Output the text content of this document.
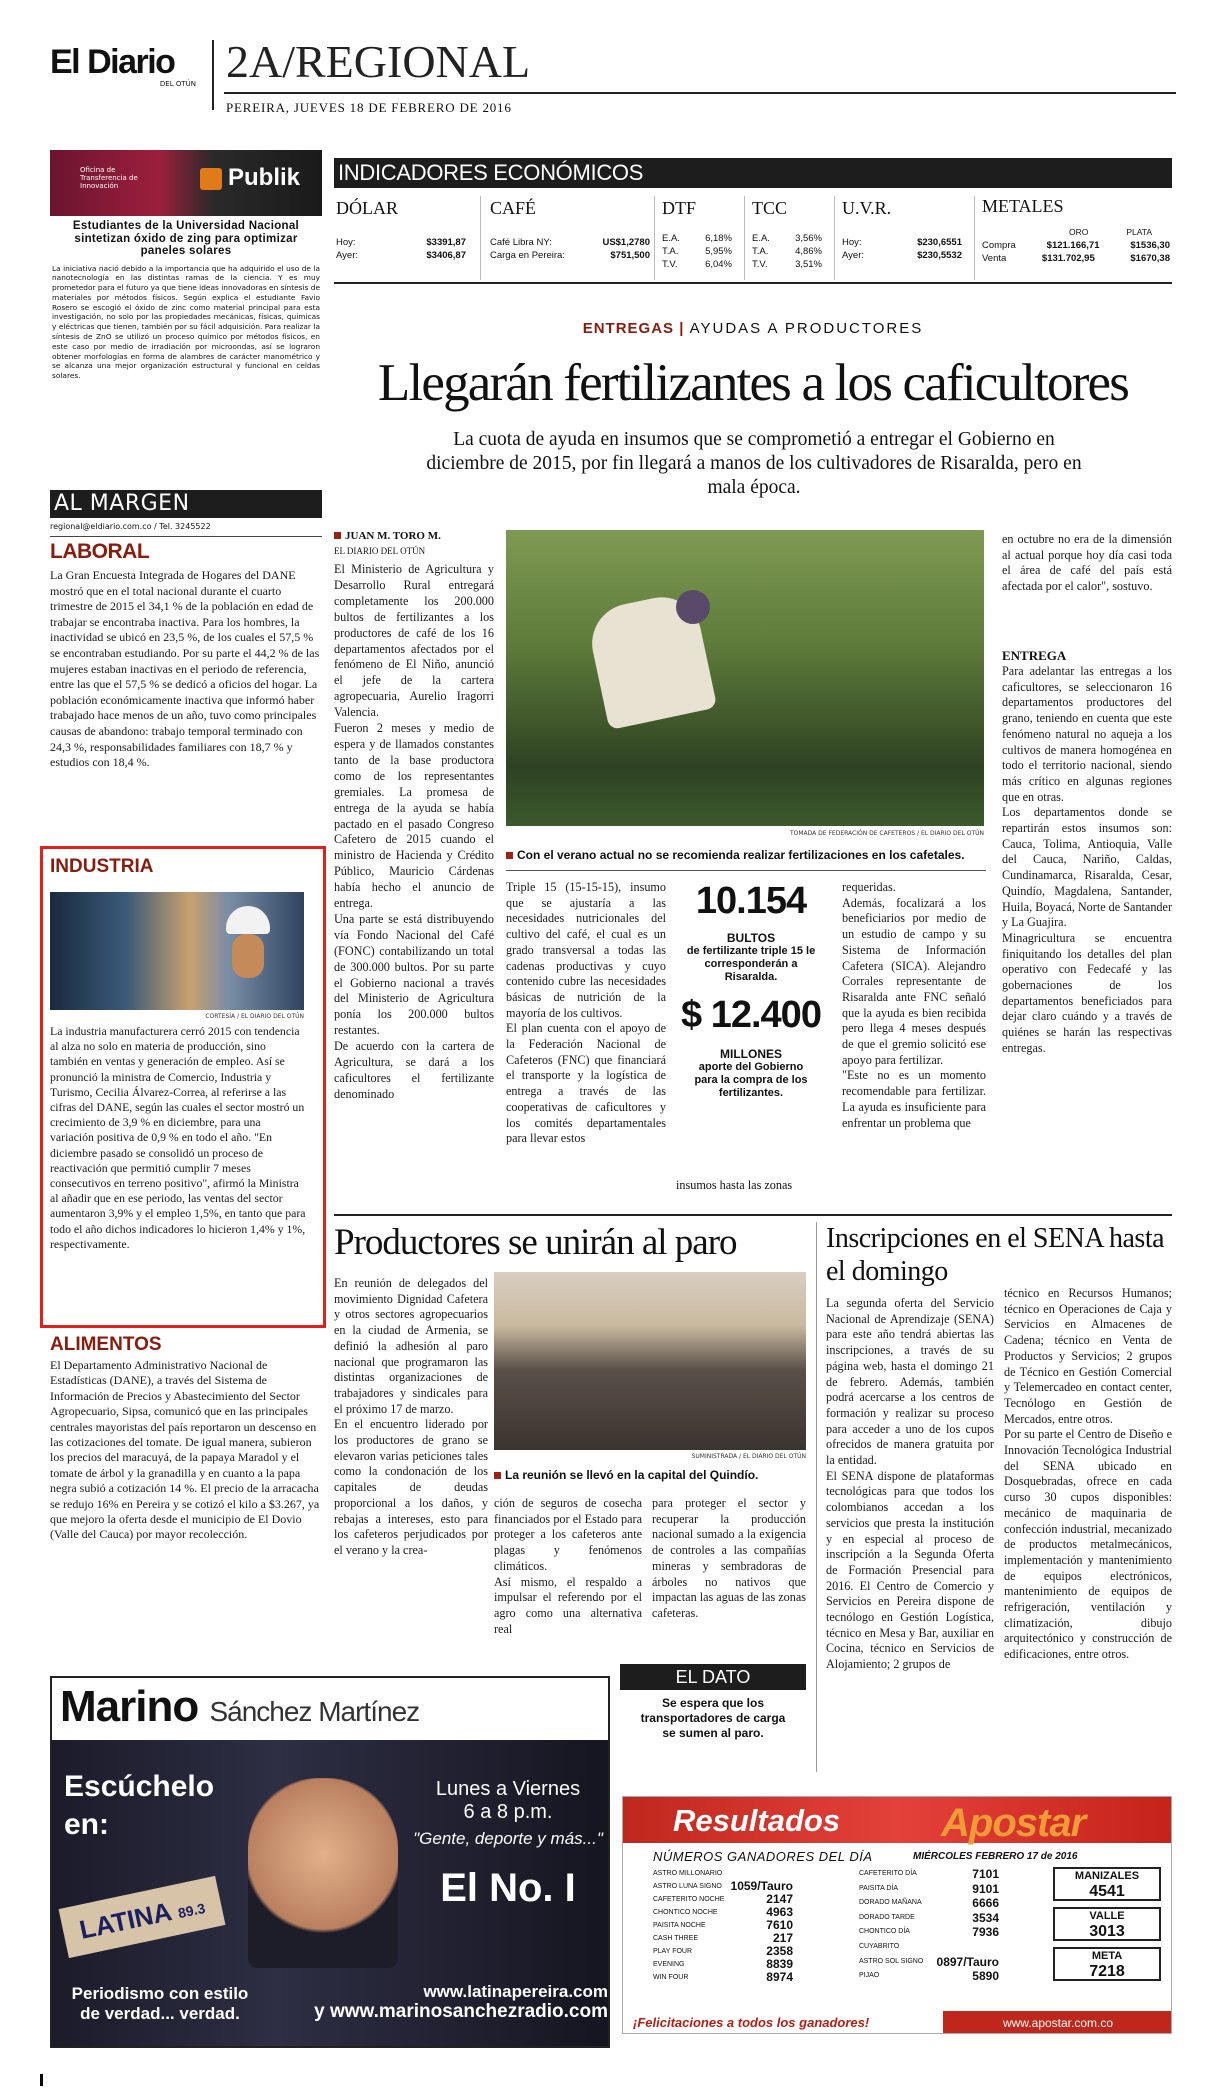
El Diario
DEL OTÚN 2A/REGIONAL
PEREIRA, JUEVES 18 DE FEBRERO DE 2016
Oficina de
Transferencia de
Innovación	Publik
Estudiantes de la Universidad Nacional sintetizan óxido de zing para optimizar paneles solares
La iniciativa nació debido a la importancia que ha adquirido el uso de la nanotecnología en las distintas ramas de la ciencia. Y es muy prometedor para el futuro ya que tiene ideas innovadoras en síntesis de materiales por métodos físicos. Según explica el estudiante Favio Rosero se escogió el óxido de zinc como material principal para esta investigación, no solo por las propiedades mecánicas, físicas, químicas y eléctricas que tienen, también por su fácil adquisición. Para realizar la síntesis de ZnO se utilizó un proceso químico por métodos físicos, en este caso por medio de irradiación por microondas, así se lograron obtener morfologías en forma de alambres de carácter manométrico y se alcanza una mejor organización estructural y funcional en celdas solares.
AL MARGEN
regional@eldiario.com.co / Tel. 3245522
LABORAL
La Gran Encuesta Integrada de Hogares del DANE mostró que en el total nacional durante el cuarto trimestre de 2015 el 34,1 % de la población en edad de trabajar se encontraba inactiva. Para los hombres, la inactividad se ubicó en 23,5 %, de los cuales el 57,5 % se encontraban estudiando. Por su parte el 44,2 % de las mujeres estaban inactivas en el periodo de referencia, entre las que el 57,5 % se dedicó a oficios del hogar. La población económicamente inactiva que informó haber trabajado hace menos de un año, tuvo como principales causas de abandono: trabajo temporal terminado con 24,3 %, responsabilidades familiares con 18,7 % y estudios con 18,4 %.
INDUSTRIA
CORTESÍA / EL DIARIO DEL OTÚN
La industria manufacturera cerró 2015 con tendencia al alza no solo en materia de producción, sino también en ventas y generación de empleo. Así se pronunció la ministra de Comercio, Industria y Turismo, Cecilia Álvarez-Correa, al referirse a las cifras del DANE, según las cuales el sector mostró un crecimiento de 3,9 % en diciembre, para una variación positiva de 0,9 % en todo el año. "En diciembre pasado se consolidó un proceso de reactivación que permitió cumplir 7 meses consecutivos en terreno positivo", afirmó la Ministra al añadir que en ese periodo, las ventas del sector aumentaron 3,9% y el empleo 1,5%, en tanto que para todo el año dichos indicadores lo hicieron 1,4% y 1%, respectivamente.
ALIMENTOS
El Departamento Administrativo Nacional de Estadísticas (DANE), a través del Sistema de Información de Precios y Abastecimiento del Sector Agropecuario, Sipsa, comunicó que en las principales centrales mayoristas del país reportaron un descenso en las cotizaciones del tomate. De igual manera, subieron los precios del maracuyá, de la papaya Maradol y el tomate de árbol y la granadilla y en cuanto a la papa negra subió a cotización 14 %. El precio de la arracacha se redujo 16% en Pereira y se cotizó el kilo a $3.267, ya que mejoro la oferta desde el municipio de El Dovio (Valle del Cauca) por mayor recolección.
INDICADORES ECONÓMICOS
DÓLAR
Hoy:	$3391,87
Ayer:	$3406,87
CAFÉ
Café Libra NY:	US$1,2780
Carga en Pereira:	$751,500
DTF
E.A.	6,18%
T.A.	5,95%
T.V.	6,04%
TCC
E.A.	3,56%
T.A.	4,86%
T.V.	3,51%
U.V.R.
Hoy:	$230,6551
Ayer:	$230,5532
METALES
ORO	PLATA
Compra	$121.166,71	$1536,30
Venta	$131.702,95	$1670,38
ENTREGAS | AYUDAS A PRODUCTORES
Llegarán fertilizantes a los caficultores
La cuota de ayuda en insumos que se comprometió a entregar el Gobierno en diciembre de 2015, por fin llegará a manos de los cultivadores de Risaralda, pero en mala época.
JUAN M. TORO M.
EL DIARIO DEL OTÚN
El Ministerio de Agricultura y Desarrollo Rural entregará completamente los 200.000 bultos de fertilizantes a los productores de café de los 16 departamentos afectados por el fenómeno de El Niño, anunció el jefe de la cartera agropecuaria, Aurelio Iragorri Valencia.
Fueron 2 meses y medio de espera y de llamados constantes tanto de la base productora como de los representantes gremiales. La promesa de entrega de la ayuda se había pactado en el pasado Congreso Cafetero de 2015 cuando el ministro de Hacienda y Crédito Público, Mauricio Cárdenas había hecho el anuncio de entrega.
Una parte se está distribuyendo vía Fondo Nacional del Café (FONC) contabilizando un total de 300.000 bultos. Por su parte el Gobierno nacional a través del Ministerio de Agricultura ponía los 200.000 bultos restantes.
De acuerdo con la cartera de Agricultura, se dará a los caficultores el fertilizante denominado
TOMADA DE FEDERACIÓN DE CAFETEROS / EL DIARIO DEL OTÚN
Con el verano actual no se recomienda realizar fertilizaciones en los cafetales.
Triple 15 (15-15-15), insumo que se ajustaría a las necesidades nutricionales del cultivo del café, el cual es un grado transversal a todas las cadenas productivas y cuyo contenido cubre las necesidades básicas de nutrición de la mayoría de los cultivos.
El plan cuenta con el apoyo de la Federación Nacional de Cafeteros (FNC) que financiará el transporte y la logística de entrega a través de las cooperativas de caficultores y los comités departamentales para llevar estos
10.154
BULTOS
de fertilizante triple 15 le corresponderán a Risaralda.
$ 12.400
MILLONES
aporte del Gobierno para la compra de los fertilizantes.
insumos hasta las zonas
requeridas.
Además, focalizará a los beneficiarios por medio de un estudio de campo y su Sistema de Información Cafetera (SICA). Alejandro Corrales representante de Risaralda ante FNC señaló que la ayuda es bien recibida pero llega 4 meses después de que el gremio solicitó ese apoyo para fertilizar.
"Este no es un momento recomendable para fertilizar. La ayuda es insuficiente para enfrentar un problema que
en octubre no era de la dimensión al actual porque hoy día casi toda el área de café del país está afectada por el calor", sostuvo.
ENTREGA
Para adelantar las entregas a los caficultores, se seleccionaron 16 departamentos productores del grano, teniendo en cuenta que este fenómeno natural no aqueja a los cultivos de manera homogénea en todo el territorio nacional, siendo más crítico en algunas regiones que en otras.
Los departamentos donde se repartirán estos insumos son: Cauca, Tolima, Antioquia, Valle del Cauca, Nariño, Caldas, Cundinamarca, Risaralda, Cesar, Quindío, Magdalena, Santander, Huila, Boyacá, Norte de Santander y La Guajira.
Minagricultura se encuentra finiquitando los detalles del plan operativo con Fedecafé y las gobernaciones de los departamentos beneficiados para dejar claro cuándo y a través de quiénes se harán las respectivas entregas.
Productores se unirán al paro
En reunión de delegados del movimiento Dignidad Cafetera y otros sectores agropecuarios en la ciudad de Armenia, se definió la adhesión al paro nacional que programaron las distintas organizaciones de trabajadores y sindicales para el próximo 17 de marzo.
En el encuentro liderado por los productores de grano se elevaron varias peticiones tales como la condonación de los capitales de deudas proporcional a los daños, y rebajas a intereses, esto para los cafeteros perjudicados por el verano y la crea-
SUMINISTRADA / EL DIARIO DEL OTÚN
La reunión se llevó en la capital del Quindío.
ción de seguros de cosecha financiados por el Estado para proteger a los cafeteros ante plagas y fenómenos climáticos.
Así mismo, el respaldo a impulsar el referendo por el agro como una alternativa real
para proteger el sector y recuperar la producción nacional sumado a la exigencia de controles a las compañías mineras y sembradoras de árboles no nativos que impactan las aguas de las zonas cafeteras.
EL DATO
Se espera que los transportadores de carga se sumen al paro.
Inscripciones en el SENA hasta el domingo
La segunda oferta del Servicio Nacional de Aprendizaje (SENA) para este año tendrá abiertas las inscripciones, a través de su página web, hasta el domingo 21 de febrero. Además, también podrá acercarse a los centros de formación y realizar su proceso para acceder a uno de los cupos ofrecidos de manera gratuita por la entidad.
El SENA dispone de plataformas tecnológicas para que todos los colombianos accedan a los servicios que presta la institución y en especial al proceso de inscripción a la Segunda Oferta de Formación Presencial para 2016. El Centro de Comercio y Servicios en Pereira dispone de tecnólogo en Gestión Logística, técnico en Mesa y Bar, auxiliar en Cocina, técnico en Servicios de Alojamiento; 2 grupos de
técnico en Recursos Humanos; técnico en Operaciones de Caja y Servicios en Almacenes de Cadena; técnico en Venta de Productos y Servicios; 2 grupos de Técnico en Gestión Comercial y Telemercadeo en contact center, Tecnólogo en Gestión de Mercados, entre otros.
Por su parte el Centro de Diseño e Innovación Tecnológica Industrial del SENA ubicado en Dosquebradas, ofrece en cada curso 30 cupos disponibles: mecánico de maquinaria de confección industrial, mecanizado de productos metalmecánicos, implementación y mantenimiento de equipos electrónicos, mantenimiento de equipos de refrigeración, ventilación y climatización, dibujo arquitectónico y construcción de edificaciones, entre otros.
Marino Sánchez Martínez
Escúchelo en:
Lunes a Viernes
6 a 8 p.m.
"Gente, deporte y más..."
El No. I
LATINA 89.3
Periodismo con estilo
de verdad... verdad.
www.latinapereira.com
y www.marinosanchezradio.com
Resultados	Apostar
NÚMEROS GANADORES DEL DÍA	MIÉRCOLES FEBRERO 17 de 2016
ASTRO MILLONARIO
ASTRO LUNA SIGNO 1059/Tauro
CAFETERITO NOCHE	2147
CHONTICO NOCHE	4963
PAISITA NOCHE	7610
CASH THREE	217
PLAY FOUR	2358
EVENING	8839
WIN FOUR	8974
CAFETERITO DÍA	7101
PAISITA DÍA	9101
DORADO MAÑANA	6666
DORADO TARDE	3534
CHONTICO DÍA	7936
CUYABRITO
ASTRO SOL SIGNO 0897/Tauro
PIJAO	5890
MANIZALES
4541
VALLE
3013
META
7218
¡Felicitaciones a todos los ganadores!	www.apostar.com.co
